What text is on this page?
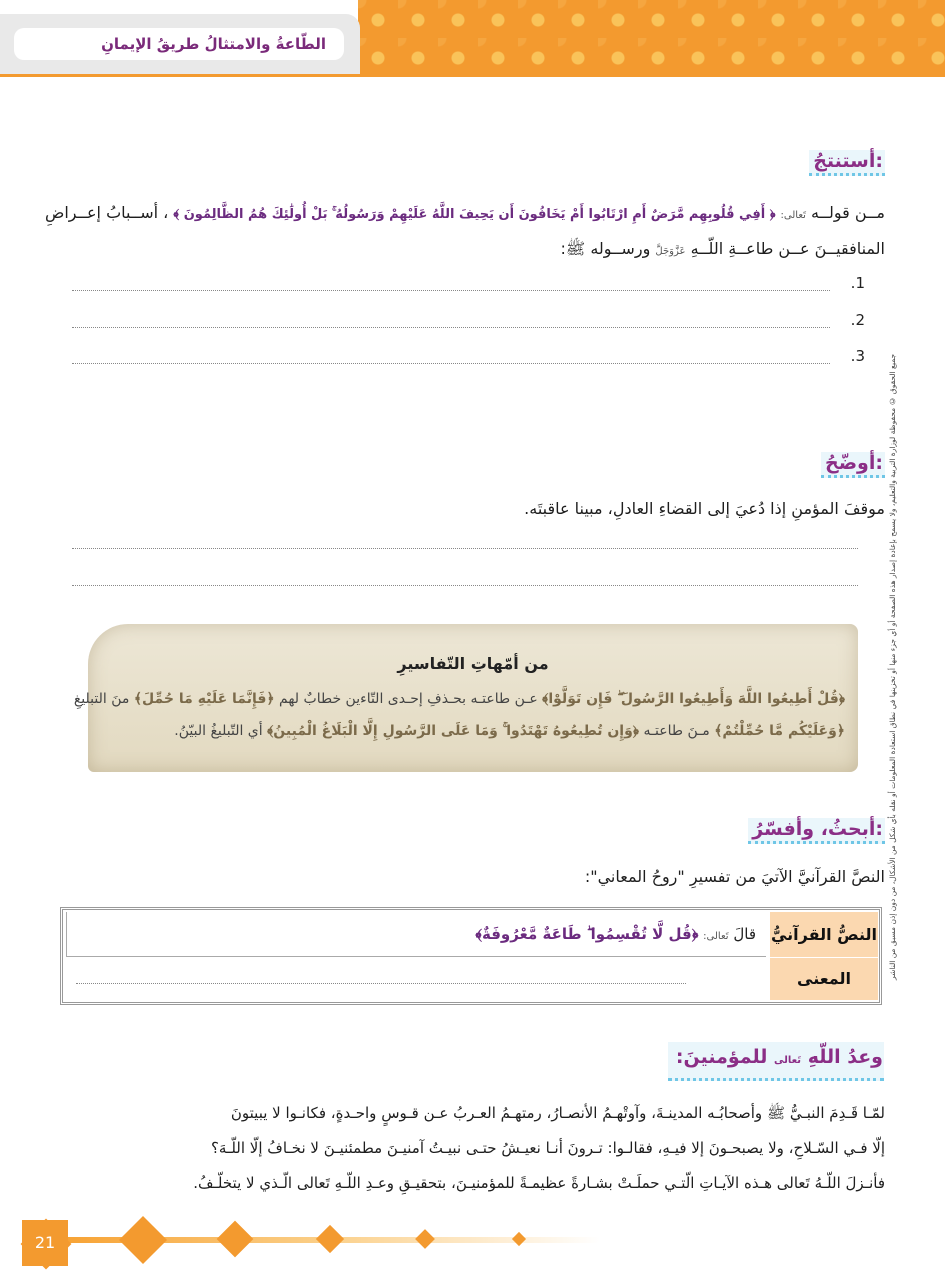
الطّاعةُ والامتثالُ طريقُ الإيمانِ
جميع الحقوق © محفوظة لوزارة التربية والتعليم، ولا يسمح بإعادة إصدار هذه الصفحة أو أي جزء منها أو تخزينها في نطاق استعادة المعلومات أو نقله بأي شكل من الأشكال، من دون إذن مسبق من الناشر
أستنتجُ:
مــن قولــه تَعالى: ﴿ أَفِي قُلُوبِهِم مَّرَضٌ أَمِ ارْتَابُوا أَمْ يَخَافُونَ أَن يَحِيفَ اللَّهُ عَلَيْهِمْ وَرَسُولُهُ ۚ بَلْ أُولَٰئِكَ هُمُ الظَّالِمُونَ ﴾ ، أســبابُ إعــراضِ
المنافقيــنَ عــن طاعــةِ اللّــهِ عَزَّوَجَلَّ ورســوله ﷺ:
1.
2.
3.
أوضّحُ:
موقفَ المؤمنِ إذا دُعيَ إلى القضاءِ العادلِ، مبينا عاقبتَه.
من أمّهاتِ التّفاسيرِ
﴿قُلْ أَطِيعُوا اللَّهَ وَأَطِيعُوا الرَّسُولَ ۖ فَإِن تَوَلَّوْا﴾ عـن طاعتـه بحـذفِ إحـدى التّاءين خطابٌ لهم ﴿فَإِنَّمَا عَلَيْهِ مَا حُمِّلَ﴾ منَ التبليغِ
﴿وَعَلَيْكُم مَّا حُمِّلْتُمْ﴾ مـنَ طاعتـه ﴿وَإِن تُطِيعُوهُ تَهْتَدُوا ۚ وَمَا عَلَى الرَّسُولِ إِلَّا الْبَلَاغُ الْمُبِينُ﴾ أي التّبليغُ البيّنُ.
أبحثُ، وأفسّرُ:
النصَّ القرآنيَّ الآتيَ من تفسيرِ "روحُ المعاني":
النصُّ القرآنيُّ
قالَ تَعالى: ﴿قُل لَّا تُقْسِمُوا ۖ طَاعَةٌ مَّعْرُوفَةٌ﴾
المعنى
وعدُ اللّهِ تَعالى للمؤمنينَ:
لمّـا قَـدِمَ النبـيُّ ﷺ وأصحابُـه المدينـةَ، وآوتْهـمُ الأنصـارُ، رمتهـمُ العـربُ عـن قـوسٍ واحـدةٍ، فكانـوا لا يبيتونَ
إلّا فـي السّـلاحِ، ولا يصبحـونَ إلا فيـهِ، فقالـوا: تـرونَ أنـا نعيـشُ حتـى نبيـتُ آمنيـنَ مطمئنيـنَ لا نخـافُ إلّا اللّـهَ؟
فأنـزلَ اللّـهُ تَعالى هـذه الآيـاتِ الّتـي حملَـتْ بشـارةً عظيمـةً للمؤمنيـنَ، بتحقيـقِ وعـدِ اللّـهِ تَعالى الّـذي لا يتخلّـفُ.
21
